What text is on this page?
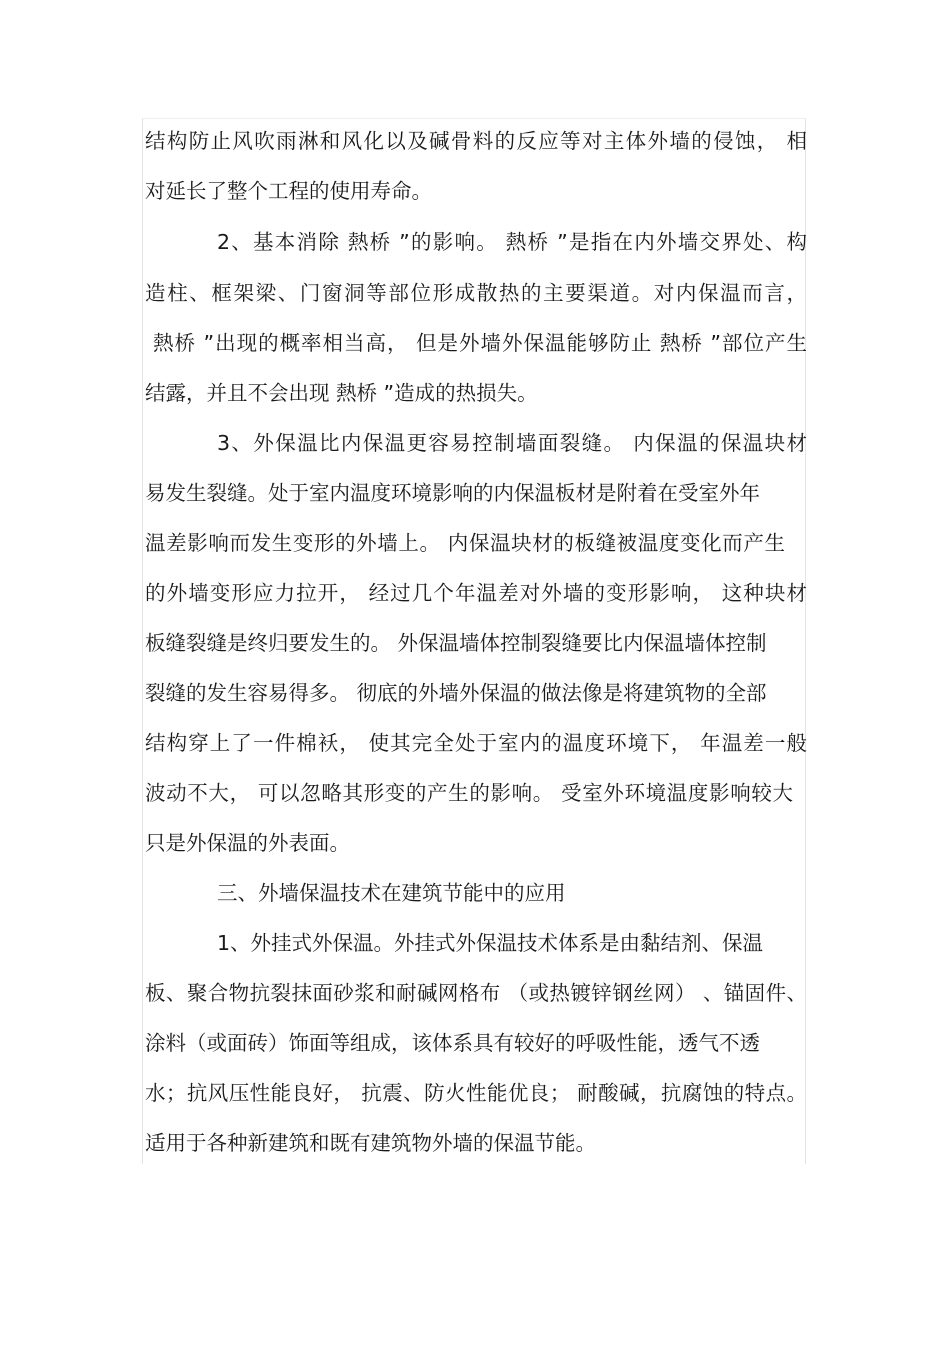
结构防止风吹雨淋和风化以及碱骨料的反应等对主体外墙的侵蚀， 相
对延长了整个工程的使用寿命。
2、基本消除 熱桥 ”的影响。 熱桥 ”是指在内外墙交界处、构
造柱、框架梁、门窗洞等部位形成散热的主要渠道。对内保温而言，
熱桥 ”出现的概率相当高， 但是外墙外保温能够防止 熱桥 ”部位产生
结露，并且不会出现 熱桥 ”造成的热损失。
3、外保温比内保温更容易控制墙面裂缝。 内保温的保温块材
易发生裂缝。处于室内温度环境影响的内保温板材是附着在受室外年
温差影响而发生变形的外墙上。 内保温块材的板缝被温度变化而产生
的外墙变形应力拉开， 经过几个年温差对外墙的变形影响， 这种块材
板缝裂缝是终归要发生的。 外保温墙体控制裂缝要比内保温墙体控制
裂缝的发生容易得多。 彻底的外墙外保温的做法像是将建筑物的全部
结构穿上了一件棉袄， 使其完全处于室内的温度环境下， 年温差一般
波动不大， 可以忽略其形变的产生的影响。 受室外环境温度影响较大
只是外保温的外表面。
三、外墙保温技术在建筑节能中的应用
1、外挂式外保温。外挂式外保温技术体系是由黏结剂、保温
板、聚合物抗裂抹面砂浆和耐碱网格布 （或热镀锌钢丝网） 、锚固件、
涂料（或面砖）饰面等组成，该体系具有较好的呼吸性能，透气不透
水；抗风压性能良好， 抗震、防火性能优良； 耐酸碱，抗腐蚀的特点。
适用于各种新建筑和既有建筑物外墙的保温节能。
